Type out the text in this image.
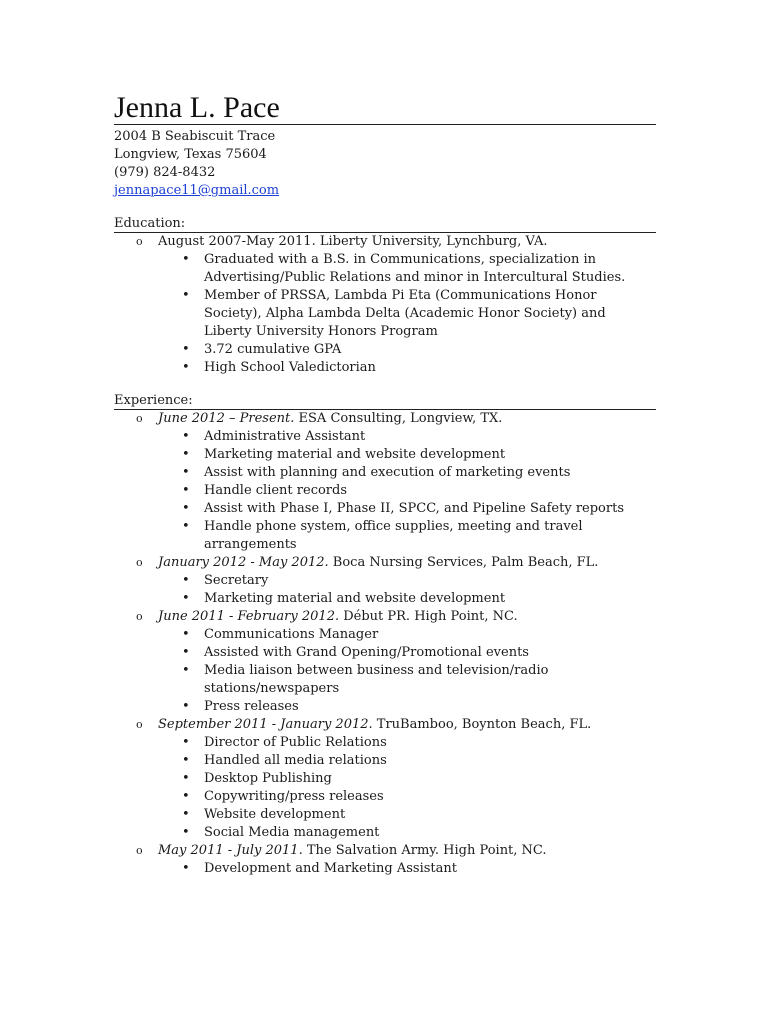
Jenna L. Pace
2004 B Seabiscuit Trace
Longview, Texas 75604
(979) 824-8432
jennapace11@gmail.com
Education:
o August 2007-May 2011. Liberty University, Lynchburg, VA.
• Graduated with a B.S. in Communications, specialization in Advertising/Public Relations and minor in Intercultural Studies.
• Member of PRSSA, Lambda Pi Eta (Communications Honor Society), Alpha Lambda Delta (Academic Honor Society) and Liberty University Honors Program
• 3.72 cumulative GPA
• High School Valedictorian
Experience:
o June 2012 – Present. ESA Consulting, Longview, TX.
• Administrative Assistant
• Marketing material and website development
• Assist with planning and execution of marketing events
• Handle client records
• Assist with Phase I, Phase II, SPCC, and Pipeline Safety reports
• Handle phone system, office supplies, meeting and travel arrangements
o January 2012 - May 2012. Boca Nursing Services, Palm Beach, FL.
• Secretary
• Marketing material and website development
o June 2011 - February 2012. Début PR. High Point, NC.
• Communications Manager
• Assisted with Grand Opening/Promotional events
• Media liaison between business and television/radio stations/newspapers
• Press releases
o September 2011 - January 2012. TruBamboo, Boynton Beach, FL.
• Director of Public Relations
• Handled all media relations
• Desktop Publishing
• Copywriting/press releases
• Website development
• Social Media management
o May 2011 - July 2011. The Salvation Army. High Point, NC.
• Development and Marketing Assistant
